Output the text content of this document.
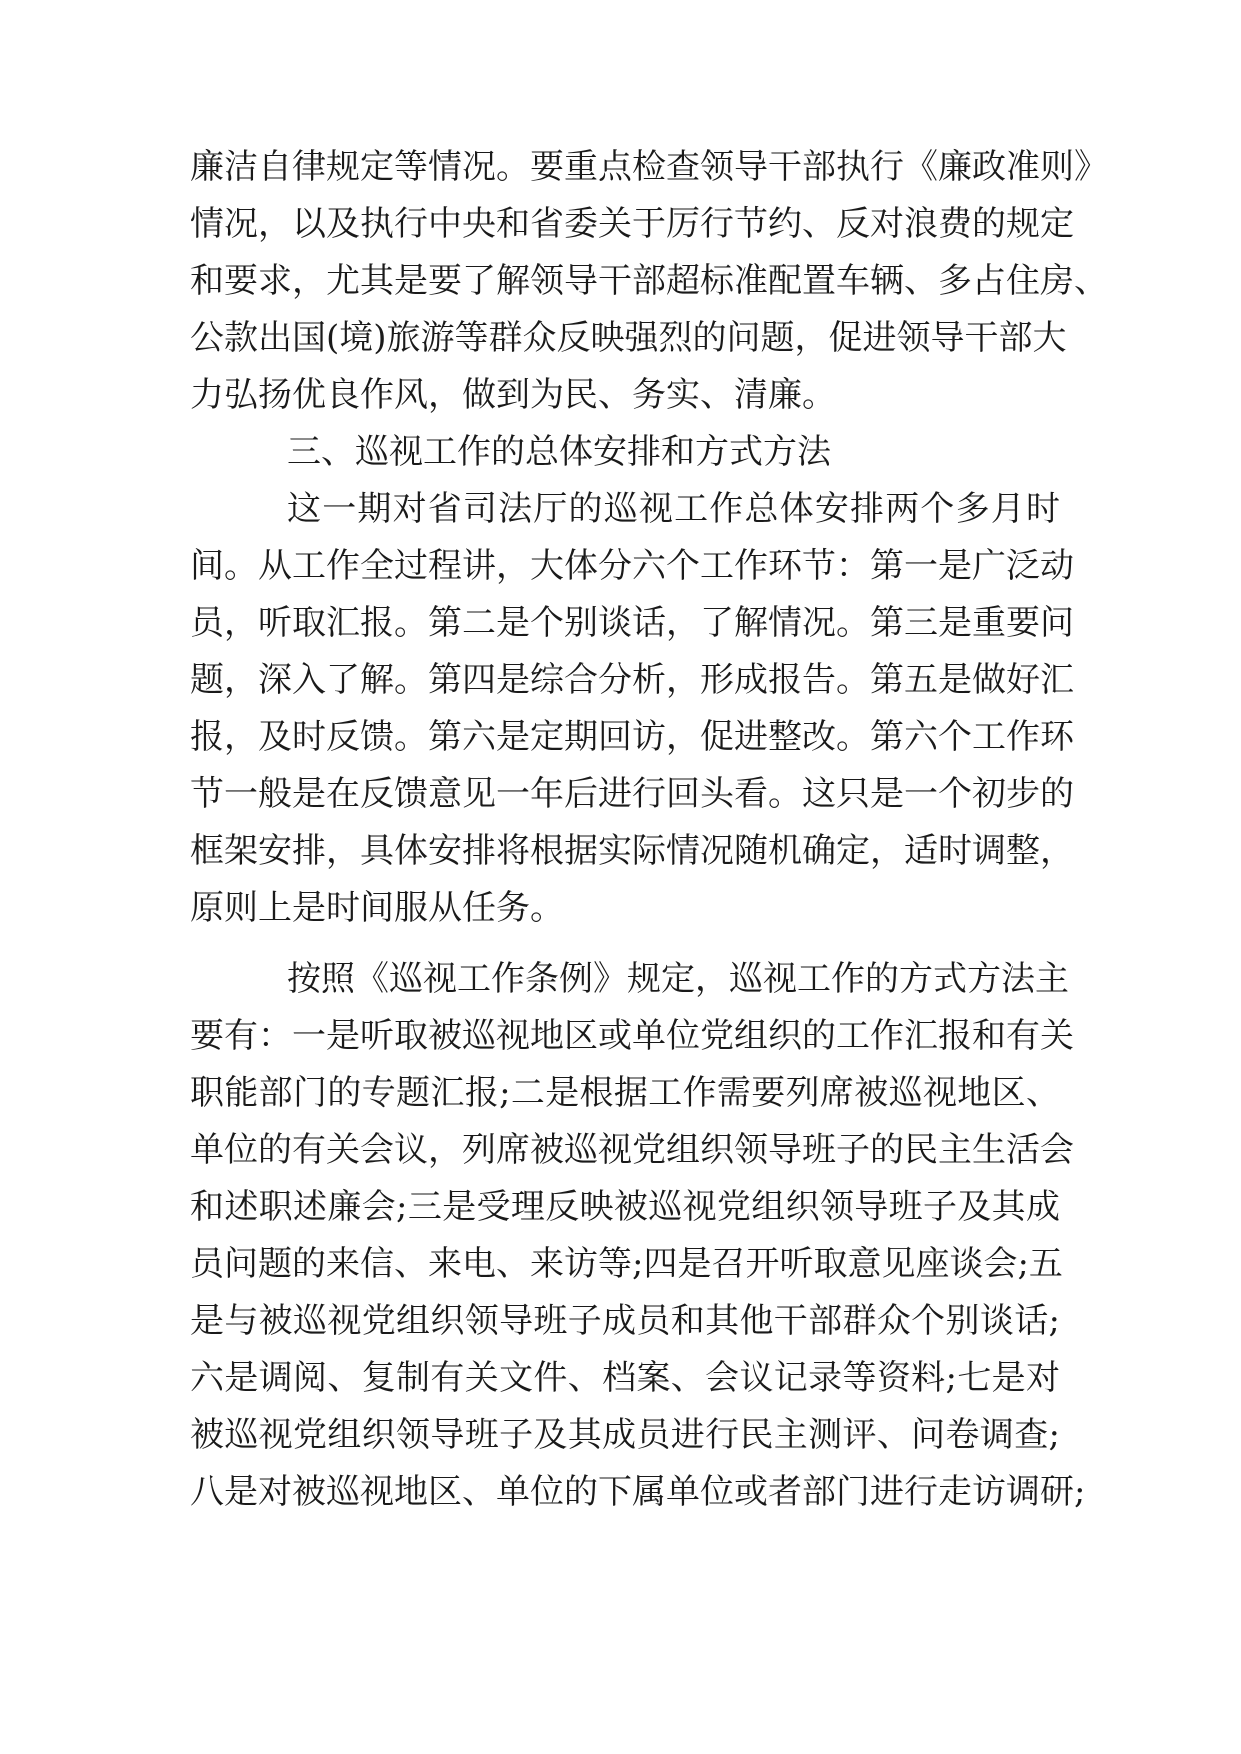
廉洁自律规定等情况。要重点检查领导干部执行《廉政准则》
情况，以及执行中央和省委关于厉行节约、反对浪费的规定
和要求，尤其是要了解领导干部超标准配置车辆、多占住房、
公款出国(境)旅游等群众反映强烈的问题，促进领导干部大
力弘扬优良作风，做到为民、务实、清廉。
三、巡视工作的总体安排和方式方法
这一期对省司法厅的巡视工作总体安排两个多月时
间。从工作全过程讲，大体分六个工作环节：第一是广泛动
员，听取汇报。第二是个别谈话，了解情况。第三是重要问
题，深入了解。第四是综合分析，形成报告。第五是做好汇
报，及时反馈。第六是定期回访，促进整改。第六个工作环
节一般是在反馈意见一年后进行回头看。这只是一个初步的
框架安排，具体安排将根据实际情况随机确定，适时调整，
原则上是时间服从任务。
按照《巡视工作条例》规定，巡视工作的方式方法主
要有：一是听取被巡视地区或单位党组织的工作汇报和有关
职能部门的专题汇报;二是根据工作需要列席被巡视地区、
单位的有关会议，列席被巡视党组织领导班子的民主生活会
和述职述廉会;三是受理反映被巡视党组织领导班子及其成
员问题的来信、来电、来访等;四是召开听取意见座谈会;五
是与被巡视党组织领导班子成员和其他干部群众个别谈话;
六是调阅、复制有关文件、档案、会议记录等资料;七是对
被巡视党组织领导班子及其成员进行民主测评、问卷调查;
八是对被巡视地区、单位的下属单位或者部门进行走访调研;
